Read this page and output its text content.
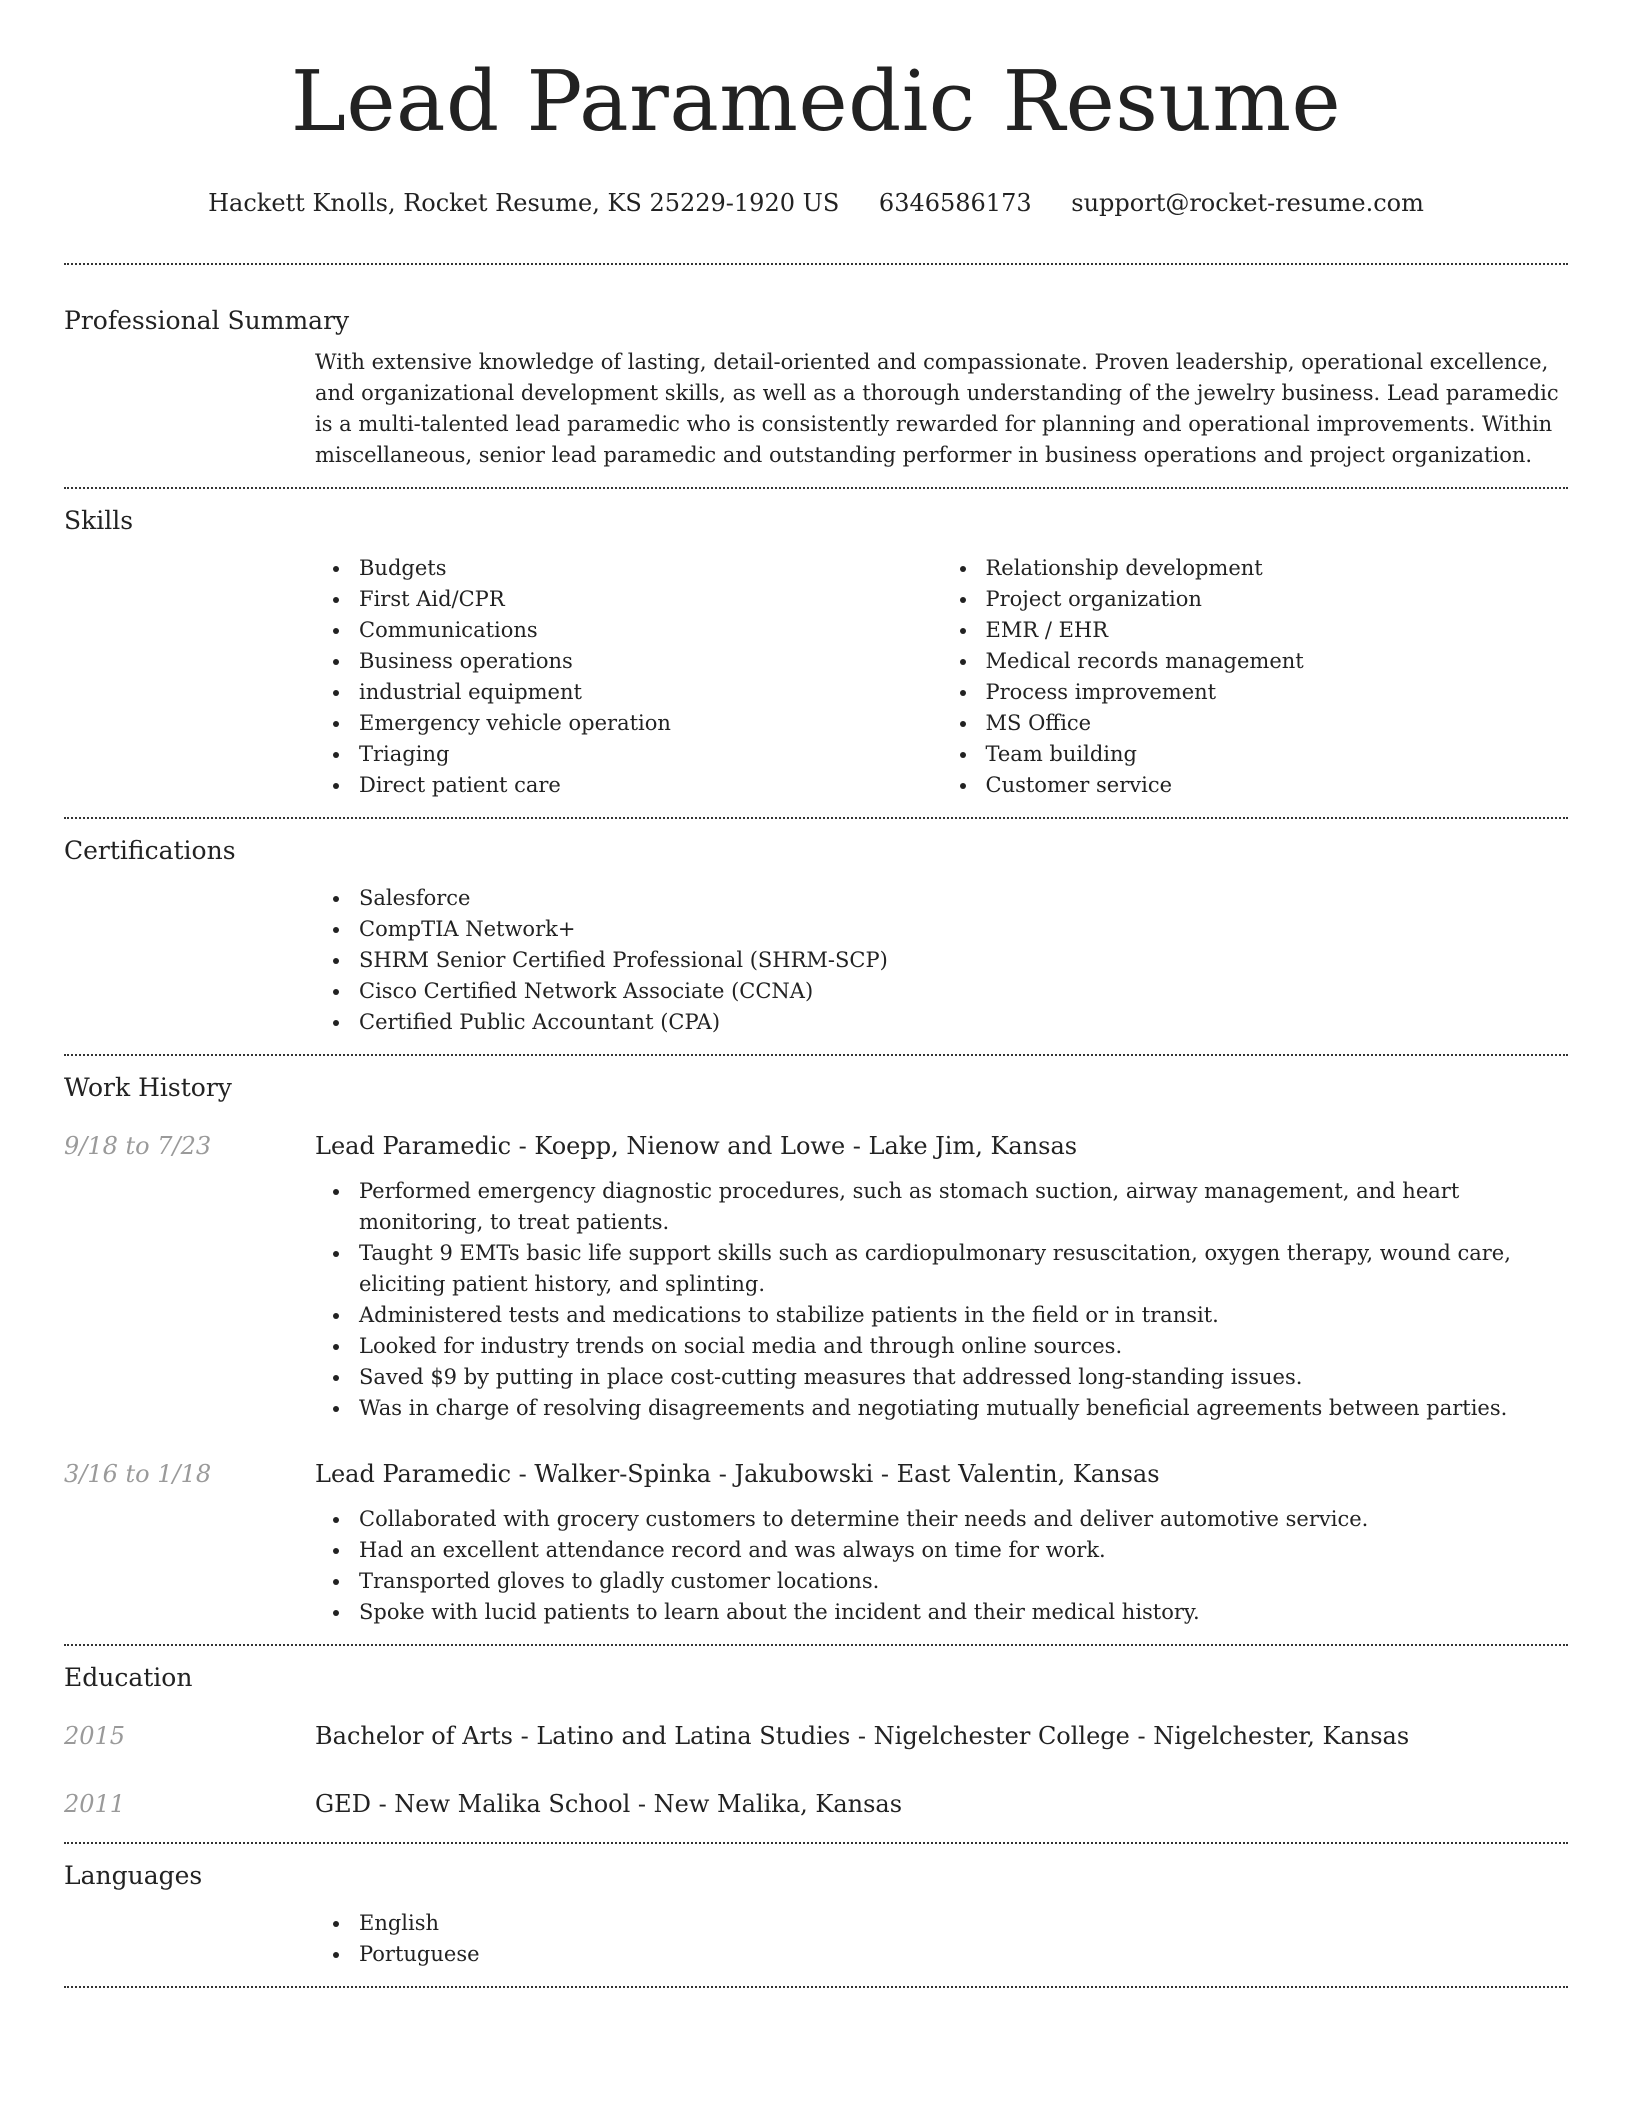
Lead Paramedic Resume
Hackett Knolls, Rocket Resume, KS 25229-1920 US 6346586173 support@rocket-resume.com
Professional Summary
With extensive knowledge of lasting, detail-oriented and compassionate. Proven leadership, operational excellence, and organizational development skills, as well as a thorough understanding of the jewelry business. Lead paramedic is a multi-talented lead paramedic who is consistently rewarded for planning and operational improvements. Within miscellaneous, senior lead paramedic and outstanding performer in business operations and project organization.
Skills
Budgets
First Aid/CPR
Communications
Business operations
industrial equipment
Emergency vehicle operation
Triaging
Direct patient care
Relationship development
Project organization
EMR / EHR
Medical records management
Process improvement
MS Office
Team building
Customer service
Certifications
Salesforce
CompTIA Network+
SHRM Senior Certified Professional (SHRM-SCP)
Cisco Certified Network Associate (CCNA)
Certified Public Accountant (CPA)
Work History
9/18 to 7/23	Lead Paramedic - Koepp, Nienow and Lowe - Lake Jim, Kansas
Performed emergency diagnostic procedures, such as stomach suction, airway management, and heart monitoring, to treat patients.
Taught 9 EMTs basic life support skills such as cardiopulmonary resuscitation, oxygen therapy, wound care, eliciting patient history, and splinting.
Administered tests and medications to stabilize patients in the field or in transit.
Looked for industry trends on social media and through online sources.
Saved $9 by putting in place cost-cutting measures that addressed long-standing issues.
Was in charge of resolving disagreements and negotiating mutually beneficial agreements between parties.
3/16 to 1/18	Lead Paramedic - Walker-Spinka - Jakubowski - East Valentin, Kansas
Collaborated with grocery customers to determine their needs and deliver automotive service.
Had an excellent attendance record and was always on time for work.
Transported gloves to gladly customer locations.
Spoke with lucid patients to learn about the incident and their medical history.
Education
2015	Bachelor of Arts - Latino and Latina Studies - Nigelchester College - Nigelchester, Kansas
2011	GED - New Malika School - New Malika, Kansas
Languages
English
Portuguese
